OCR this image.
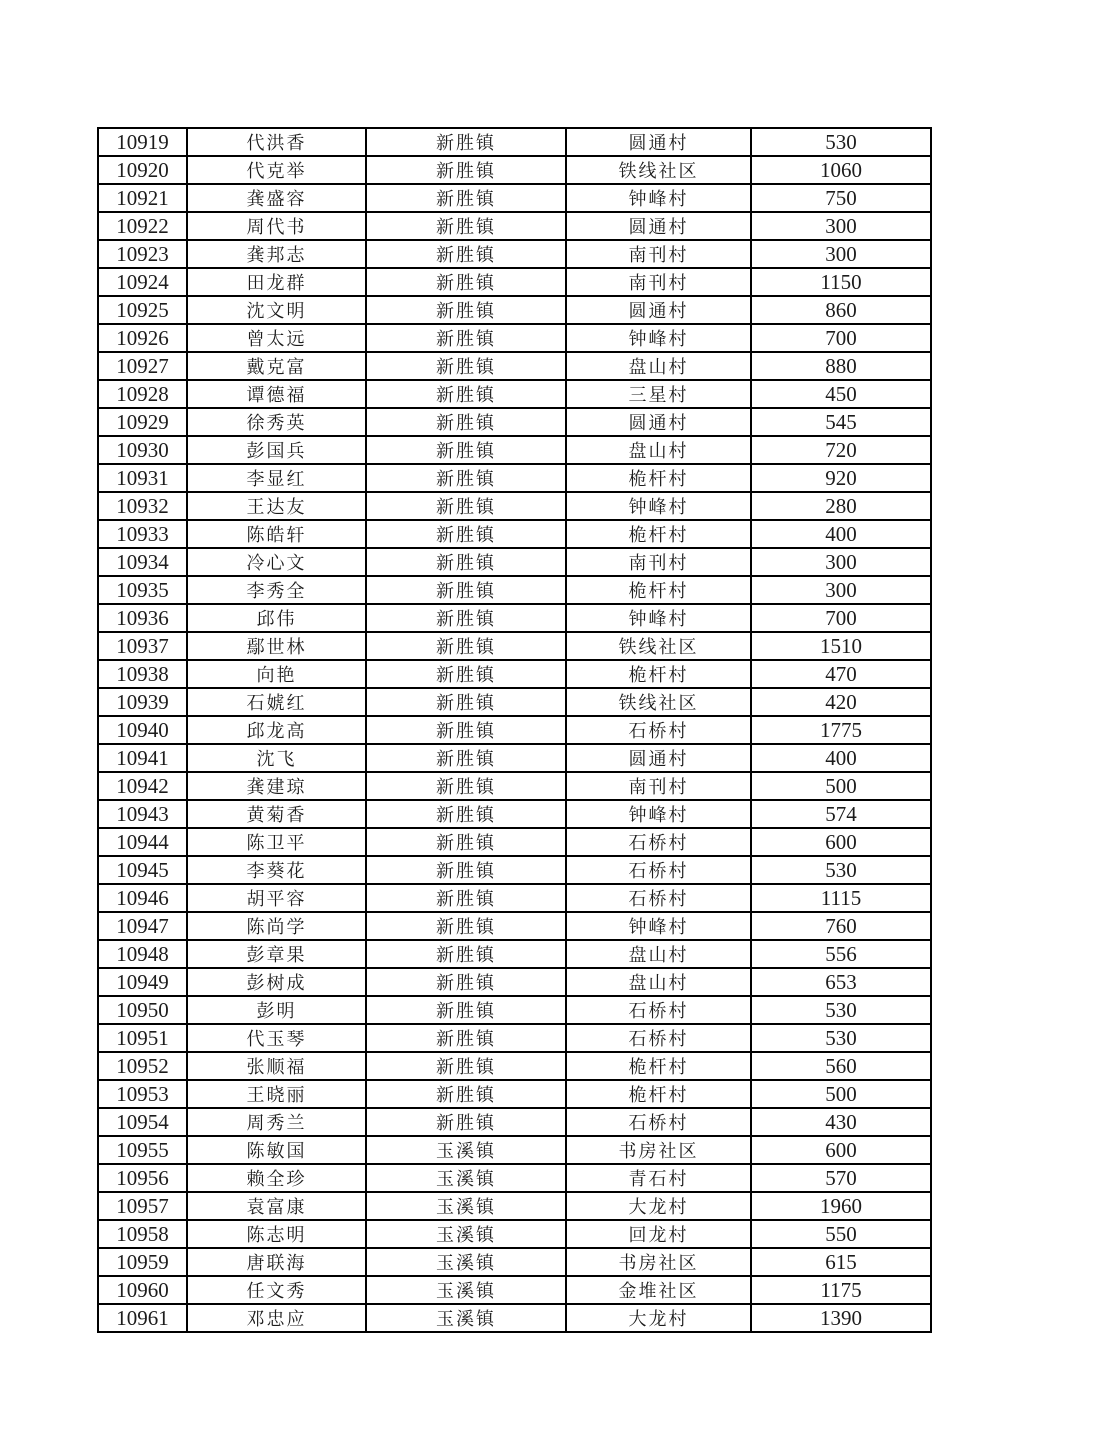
10919	代洪香	新胜镇	圆通村	530
10920	代克举	新胜镇	铁线社区	1060
10921	龚盛容	新胜镇	钟峰村	750
10922	周代书	新胜镇	圆通村	300
10923	龚邦志	新胜镇	南刊村	300
10924	田龙群	新胜镇	南刊村	1150
10925	沈文明	新胜镇	圆通村	860
10926	曾太远	新胜镇	钟峰村	700
10927	戴克富	新胜镇	盘山村	880
10928	谭德福	新胜镇	三星村	450
10929	徐秀英	新胜镇	圆通村	545
10930	彭国兵	新胜镇	盘山村	720
10931	李显红	新胜镇	桅杆村	920
10932	王达友	新胜镇	钟峰村	280
10933	陈皓轩	新胜镇	桅杆村	400
10934	冷心文	新胜镇	南刊村	300
10935	李秀全	新胜镇	桅杆村	300
10936	邱伟	新胜镇	钟峰村	700
10937	鄢世林	新胜镇	铁线社区	1510
10938	向艳	新胜镇	桅杆村	470
10939	石婋红	新胜镇	铁线社区	420
10940	邱龙高	新胜镇	石桥村	1775
10941	沈飞	新胜镇	圆通村	400
10942	龚建琼	新胜镇	南刊村	500
10943	黄菊香	新胜镇	钟峰村	574
10944	陈卫平	新胜镇	石桥村	600
10945	李葵花	新胜镇	石桥村	530
10946	胡平容	新胜镇	石桥村	1115
10947	陈尚学	新胜镇	钟峰村	760
10948	彭章果	新胜镇	盘山村	556
10949	彭树成	新胜镇	盘山村	653
10950	彭明	新胜镇	石桥村	530
10951	代玉琴	新胜镇	石桥村	530
10952	张顺福	新胜镇	桅杆村	560
10953	王晓丽	新胜镇	桅杆村	500
10954	周秀兰	新胜镇	石桥村	430
10955	陈敏国	玉溪镇	书房社区	600
10956	赖全珍	玉溪镇	青石村	570
10957	袁富康	玉溪镇	大龙村	1960
10958	陈志明	玉溪镇	回龙村	550
10959	唐联海	玉溪镇	书房社区	615
10960	任文秀	玉溪镇	金堆社区	1175
10961	邓忠应	玉溪镇	大龙村	1390
